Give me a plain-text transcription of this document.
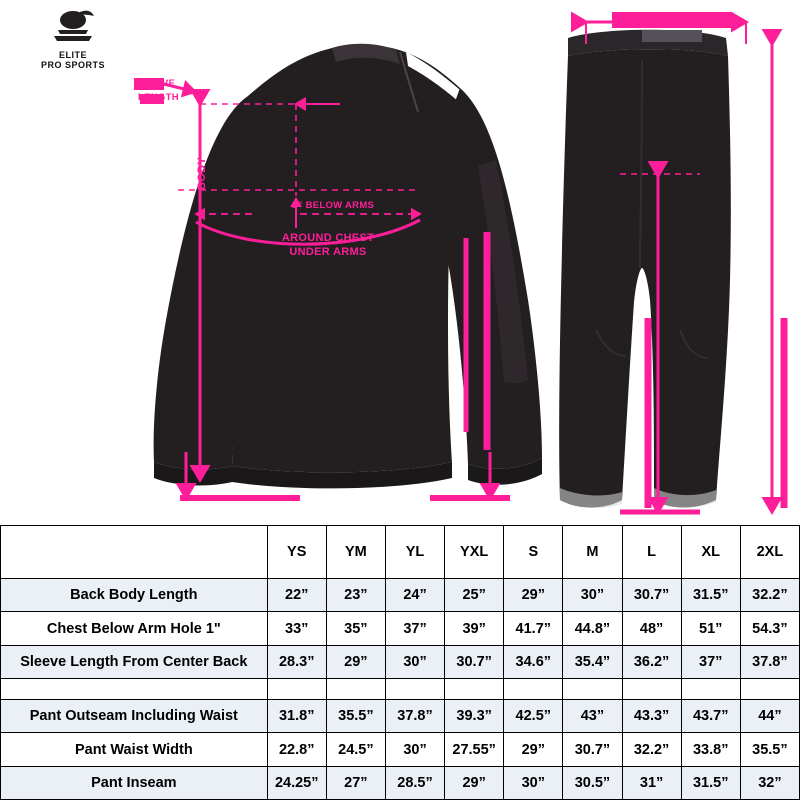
ELITE
PRO SPORTS
BODY
1” BELOW ARMS
AROUND CHEST
UNDER ARMS
SLEEVE
LENGTH
WAIST WIDTH
	YS	YM	YL	YXL	S	M	L	XL	2XL
Back Body Length	22”	23”	24”	25”	29”	30”	30.7”	31.5”	32.2”
Chest Below Arm Hole 1"	33”	35”	37”	39”	41.7”	44.8”	48”	51”	54.3”
Sleeve Length From Center Back	28.3”	29”	30”	30.7”	34.6”	35.4”	36.2”	37”	37.8”

Pant Outseam Including Waist	31.8”	35.5”	37.8”	39.3”	42.5”	43”	43.3”	43.7”	44”
Pant Waist Width	22.8”	24.5”	30”	27.55”	29”	30.7”	32.2”	33.8”	35.5”
Pant Inseam	24.25”	27”	28.5”	29”	30”	30.5”	31”	31.5”	32”
